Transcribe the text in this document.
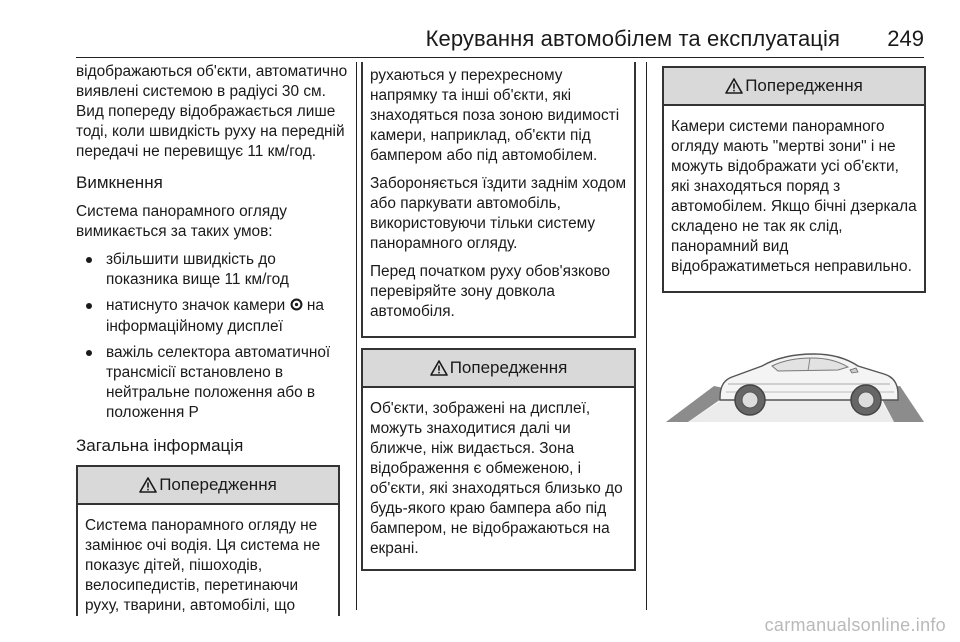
Керування автомобілем та експлуатація 249

відображаються об'єкти, автоматично виявлені системою в радіусі 30 см. Вид попереду відображається лише тоді, коли швидкість руху на передній передачі не перевищує 11 км/год.

Вимкнення

Система панорамного огляду вимикається за таких умов:

збільшити швидкість до показника вище 11 км/год
натиснуто значок камери на інформаційному дисплеї
важіль селектора автоматичної трансмісії встановлено в нейтральне положення або в положення P
Загальна інформація
Попередження

Система панорамного огляду не замінює очі водія. Ця система не показує дітей, пішоходів, велосипедистів, перетинаючи руху, тварини, автомобілі, що

рухаються у перехресному напрямку та інші об'єкти, які знаходяться поза зоною видимості камери, наприклад, об'єкти під бампером або під автомобілем.

Забороняється їздити заднім ходом або паркувати автомобіль, використовуючи тільки систему панорамного огляду.

Перед початком руху обов'язково перевіряйте зону довкола автомобіля.

Попередження

Об'єкти, зображені на дисплеї, можуть знаходитися далі чи ближче, ніж видається. Зона відображення є обмеженою, і об'єкти, які знаходяться близько до будь-якого краю бампера або під бампером, не відображаються на екрані.

Попередження

Камери системи панорамного огляду мають "мертві зони" і не можуть відображати усі об'єкти, які знаходяться поряд з автомобілем. Якщо бічні дзеркала складено не так як слід, панорамний вид відображатиметься неправильно.

carmanualsonline.info
